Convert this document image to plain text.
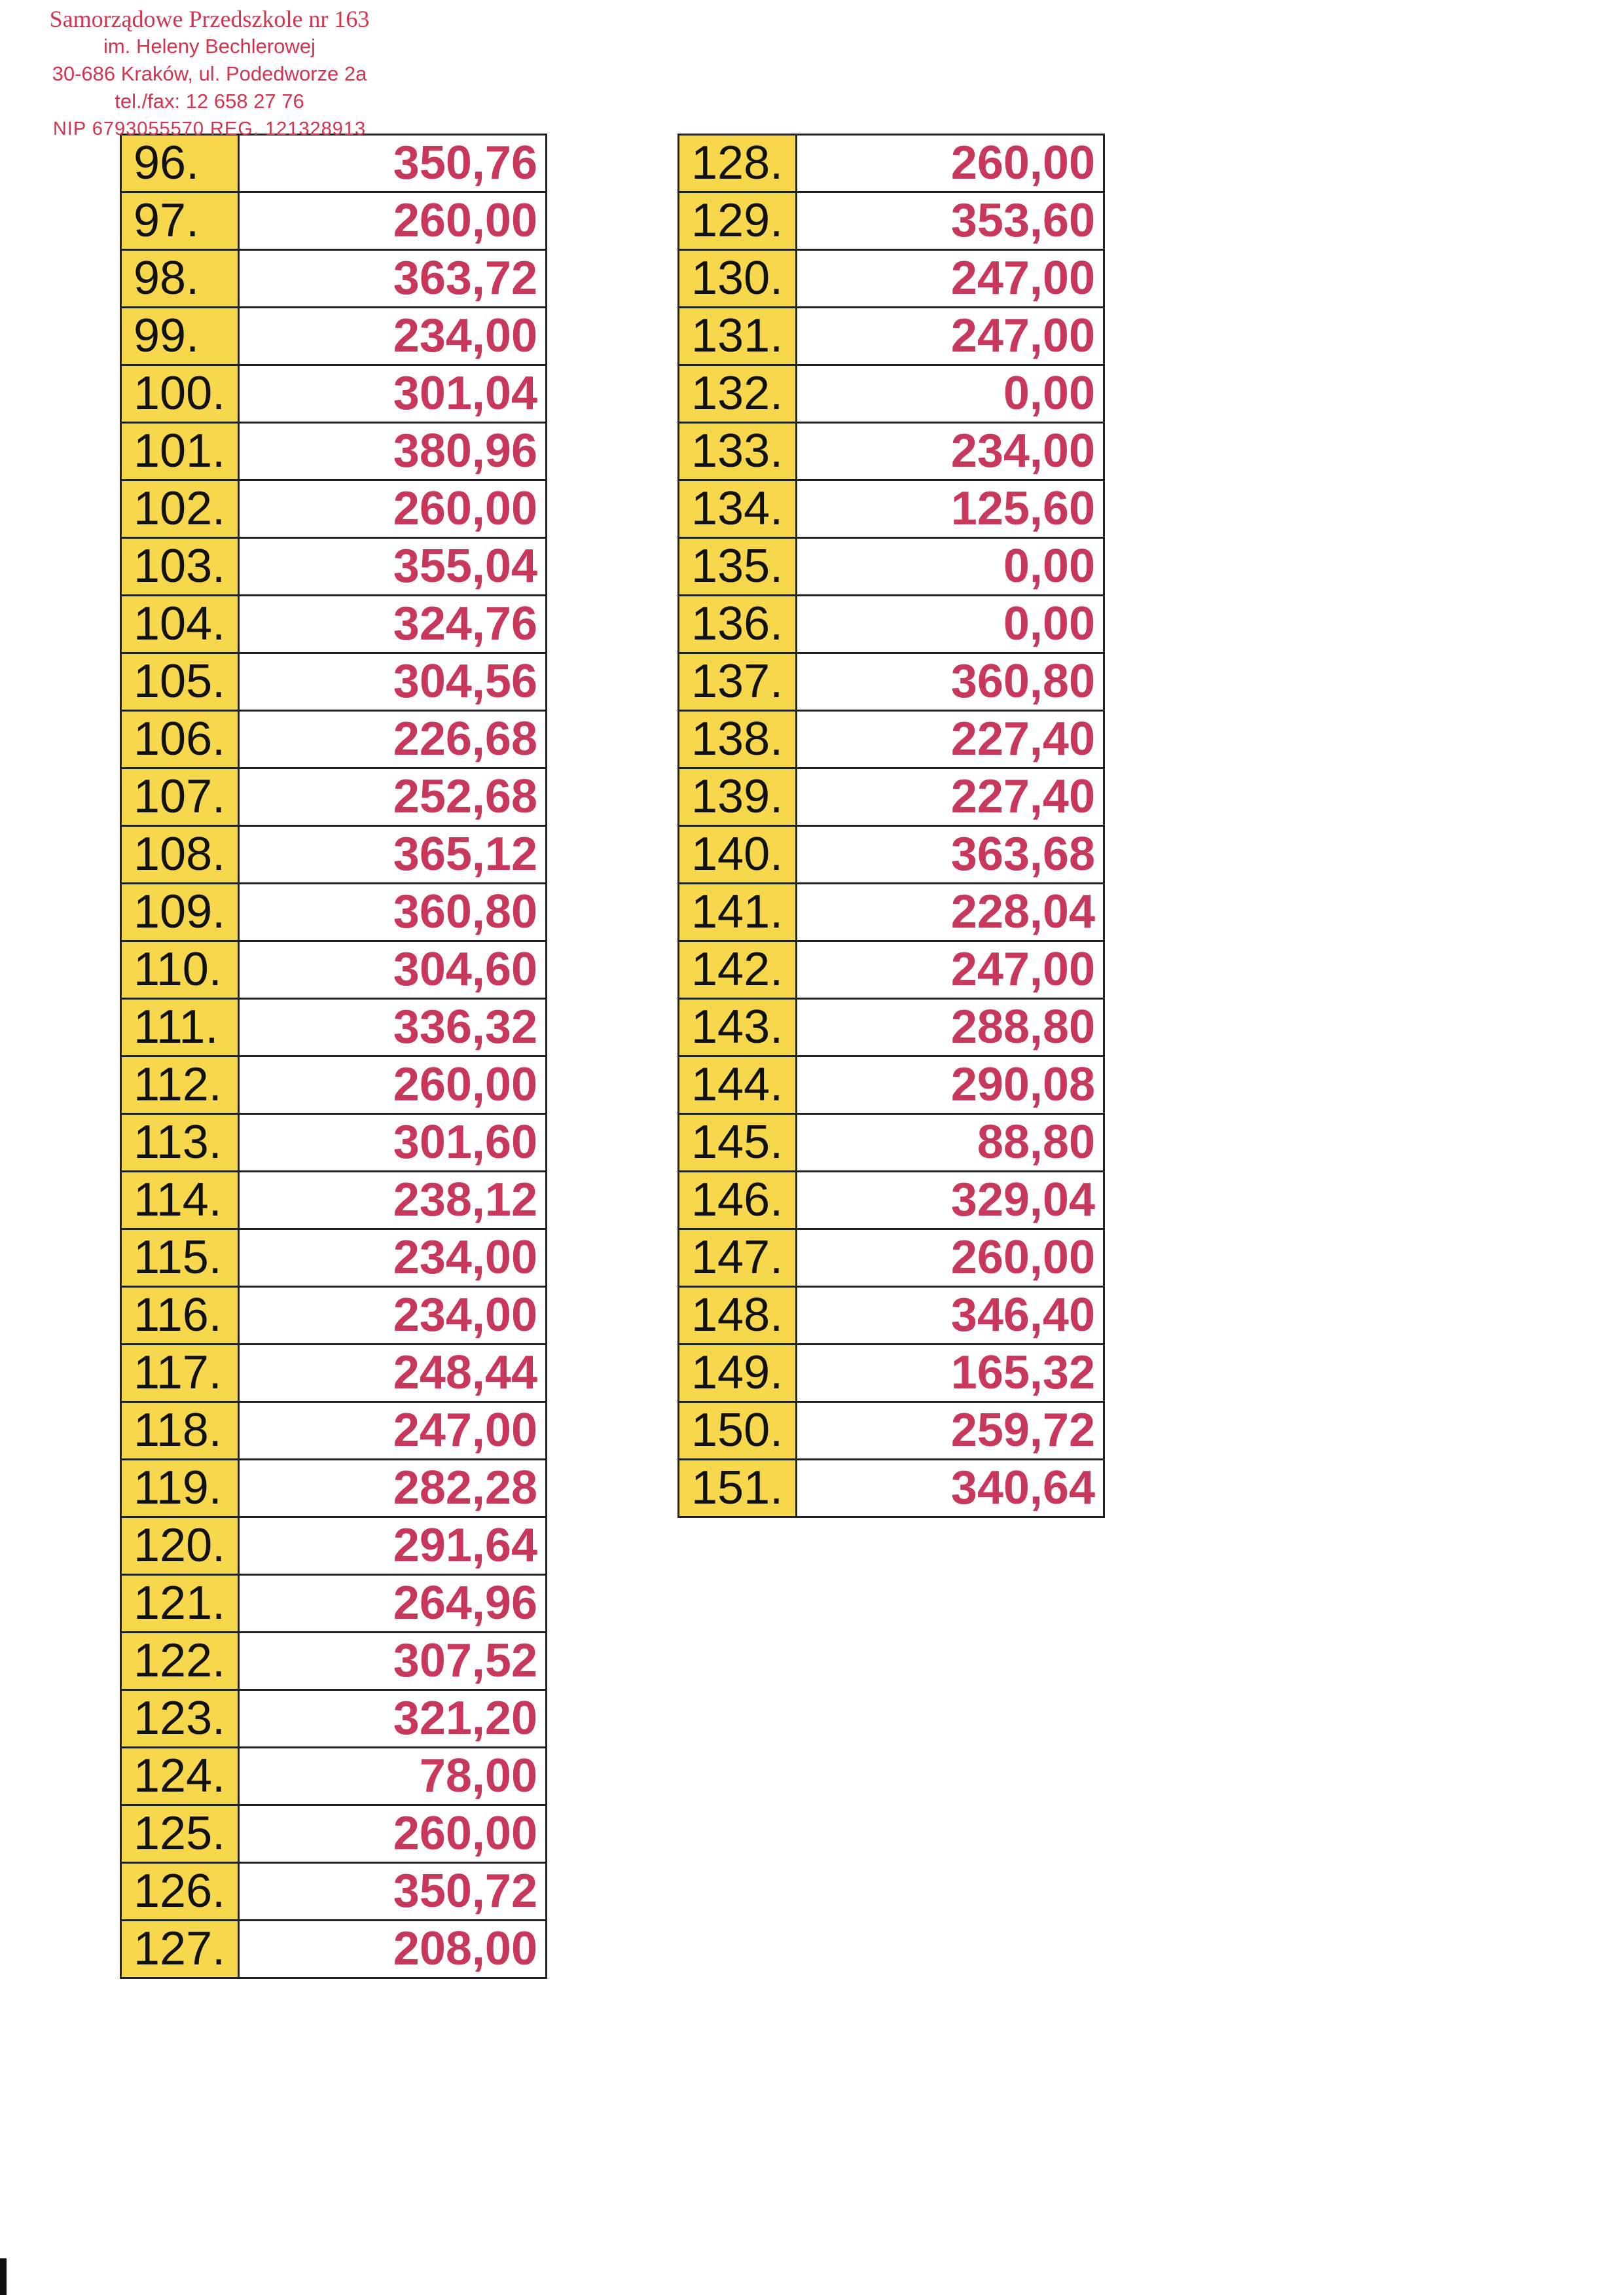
Samorządowe Przedszkole nr 163
im. Heleny Bechlerowej
30-686 Kraków, ul. Podedworze 2a
tel./fax: 12 658 27 76
NIP 6793055570 REG. 121328913
96.	350,76
97.	260,00
98.	363,72
99.	234,00
100.	301,04
101.	380,96
102.	260,00
103.	355,04
104.	324,76
105.	304,56
106.	226,68
107.	252,68
108.	365,12
109.	360,80
110.	304,60
111.	336,32
112.	260,00
113.	301,60
114.	238,12
115.	234,00
116.	234,00
117.	248,44
118.	247,00
119.	282,28
120.	291,64
121.	264,96
122.	307,52
123.	321,20
124.	78,00
125.	260,00
126.	350,72
127.	208,00
128.	260,00
129.	353,60
130.	247,00
131.	247,00
132.	0,00
133.	234,00
134.	125,60
135.	0,00
136.	0,00
137.	360,80
138.	227,40
139.	227,40
140.	363,68
141.	228,04
142.	247,00
143.	288,80
144.	290,08
145.	88,80
146.	329,04
147.	260,00
148.	346,40
149.	165,32
150.	259,72
151.	340,64
